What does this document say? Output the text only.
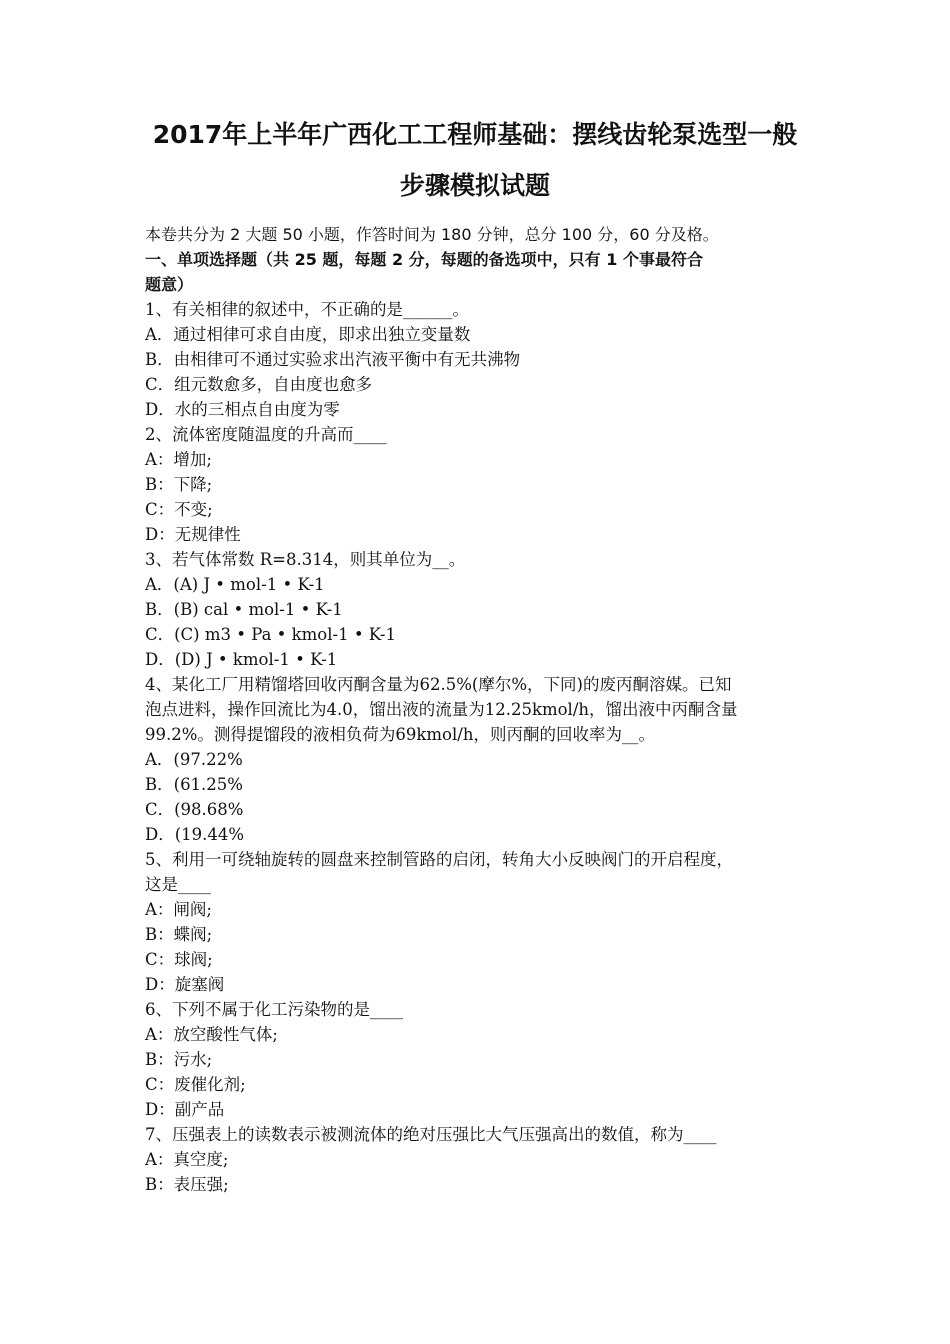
2017年上半年广西化工工程师基础：摆线齿轮泵选型一般
步骤模拟试题
本卷共分为 2 大题 50 小题，作答时间为 180 分钟，总分 100 分，60 分及格。
一、单项选择题（共 25 题，每题 2 分，每题的备选项中，只有 1 个事最符合
题意）
1、有关相律的叙述中，不正确的是______。
A．通过相律可求自由度，即求出独立变量数
B．由相律可不通过实验求出汽液平衡中有无共沸物
C．组元数愈多，自由度也愈多
D．水的三相点自由度为零
2、流体密度随温度的升高而____
A：增加;
B：下降;
C：不变;
D：无规律性
3、若气体常数 R=8.314，则其单位为__。
A．(A) J • mol-1 • K-1
B．(B) cal • mol-1 • K-1
C．(C) m3 • Pa • kmol-1 • K-1
D．(D) J • kmol-1 • K-1
4、某化工厂用精馏塔回收丙酮含量为62.5%(摩尔%，下同)的废丙酮溶媒。已知
泡点进料，操作回流比为4.0，馏出液的流量为12.25kmol/h，馏出液中丙酮含量
99.2%。测得提馏段的液相负荷为69kmol/h，则丙酮的回收率为__。
A．(97.22%
B．(61.25%
C．(98.68%
D．(19.44%
5、利用一可绕轴旋转的圆盘来控制管路的启闭，转角大小反映阀门的开启程度，
这是____
A：闸阀;
B：蝶阀;
C：球阀;
D：旋塞阀
6、下列不属于化工污染物的是____
A：放空酸性气体;
B：污水;
C：废催化剂;
D：副产品
7、压强表上的读数表示被测流体的绝对压强比大气压强高出的数值，称为____
A：真空度;
B：表压强;
